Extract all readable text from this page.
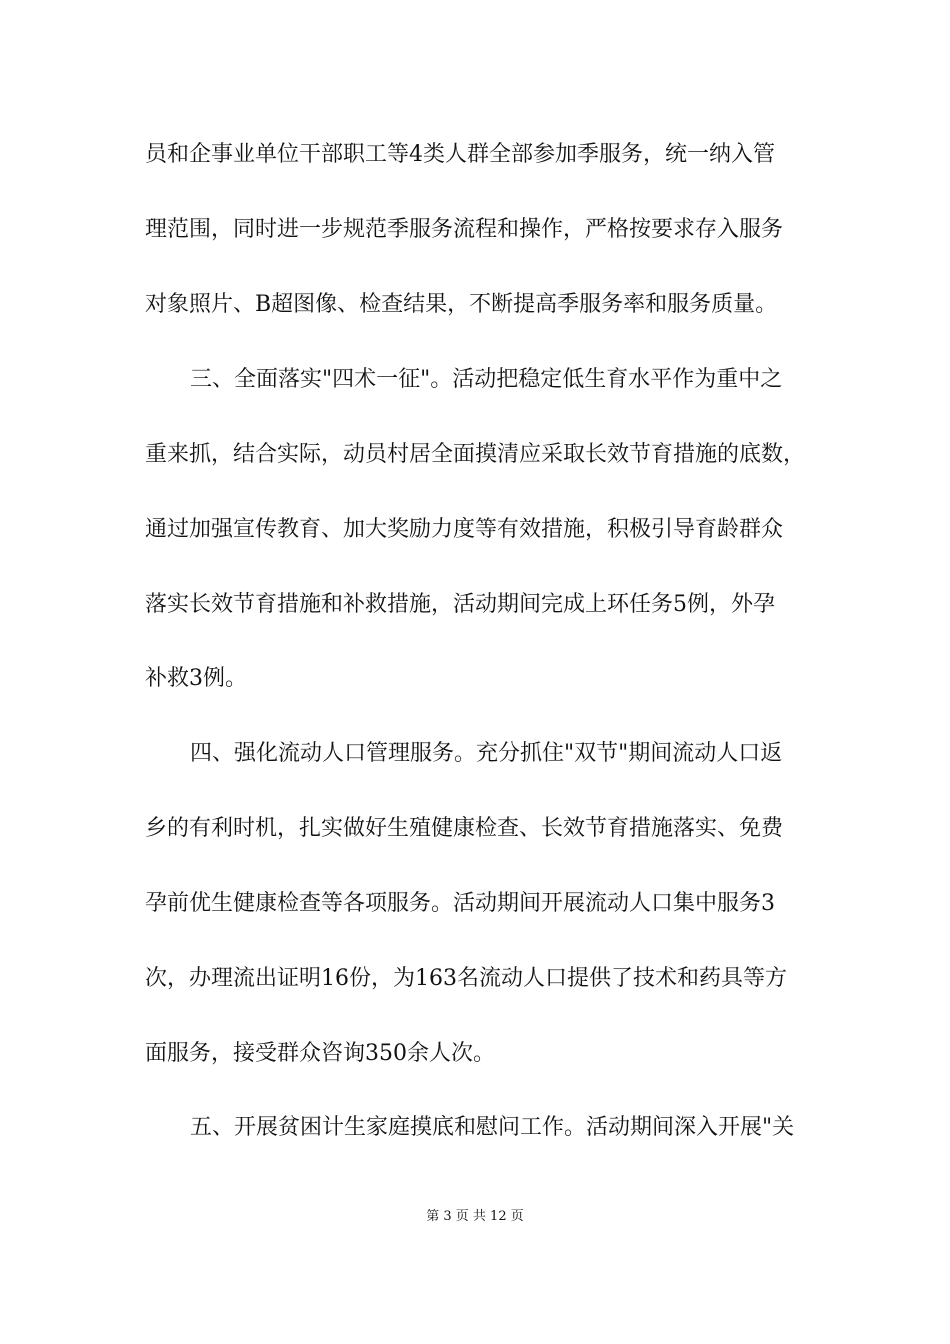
员和企事业单位干部职工等4类人群全部参加季服务，统一纳入管
理范围，同时进一步规范季服务流程和操作，严格按要求存入服务
对象照片、B超图像、检查结果，不断提高季服务率和服务质量。
三、全面落实"四术一征"。活动把稳定低生育水平作为重中之
重来抓，结合实际，动员村居全面摸清应采取长效节育措施的底数，
通过加强宣传教育、加大奖励力度等有效措施，积极引导育龄群众
落实长效节育措施和补救措施，活动期间完成上环任务5例，外孕
补救3例。
四、强化流动人口管理服务。充分抓住"双节"期间流动人口返
乡的有利时机，扎实做好生殖健康检查、长效节育措施落实、免费
孕前优生健康检查等各项服务。活动期间开展流动人口集中服务3
次，办理流出证明16份，为163名流动人口提供了技术和药具等方
面服务，接受群众咨询350余人次。
五、开展贫困计生家庭摸底和慰问工作。活动期间深入开展"关
第 3 页 共 12 页
